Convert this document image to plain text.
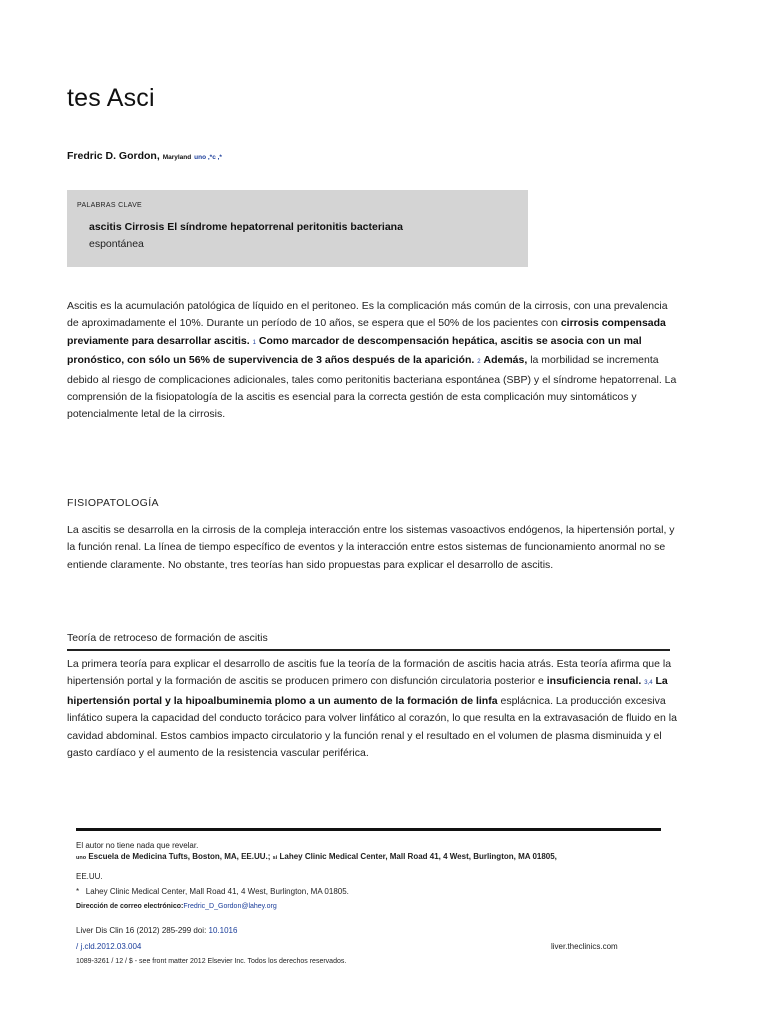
tes Asci
Fredric D. Gordon, Maryland uno ,*c ,*
PALABRAS CLAVE
ascitis Cirrosis El síndrome hepatorrenal peritonitis bacteriana
espontánea
Ascitis es la acumulación patológica de líquido en el peritoneo. Es la complicación más común de la cirrosis, con una prevalencia de aproximadamente el 10%. Durante un período de 10 años, se espera que el 50% de los pacientes con cirrosis compensada previamente para desarrollar ascitis. 1 Como marcador de descompensación hepática, ascitis se asocia con un mal pronóstico, con sólo un 56% de supervivencia de 3 años después de la aparición. 2 Además, la morbilidad se incrementa debido al riesgo de complicaciones adicionales, tales como peritonitis bacteriana espontánea (SBP) y el síndrome hepatorrenal. La comprensión de la fisiopatología de la ascitis es esencial para la correcta gestión de esta complicación muy sintomáticos y potencialmente letal de la cirrosis.
FISIOPATOLOGÍA
La ascitis se desarrolla en la cirrosis de la compleja interacción entre los sistemas vasoactivos endógenos, la hipertensión portal, y la función renal. La línea de tiempo específico de eventos y la interacción entre estos sistemas de funcionamiento anormal no se entiende claramente. No obstante, tres teorías han sido propuestas para explicar el desarrollo de ascitis.
Teoría de retroceso de formación de ascitis
La primera teoría para explicar el desarrollo de ascitis fue la teoría de la formación de ascitis hacia atrás. Esta teoría afirma que la hipertensión portal y la formación de ascitis se producen primero con disfunción circulatoria posterior e insuficiencia renal. 3,4 La hipertensión portal y la hipoalbuminemia plomo a un aumento de la formación de linfa esplácnica. La producción excesiva linfático supera la capacidad del conducto torácico para volver linfático al corazón, lo que resulta en la extravasación de fluido en la cavidad abdominal. Estos cambios impacto circulatorio y la función renal y el resultado en el volumen de plasma disminuida y el gasto cardíaco y el aumento de la resistencia vascular periférica.
El autor no tiene nada que revelar.
uno Escuela de Medicina Tufts, Boston, MA, EE.UU.; si Lahey Clinic Medical Center, Mall Road 41, 4 West, Burlington, MA 01805,
EE.UU.
* Lahey Clinic Medical Center, Mall Road 41, 4 West, Burlington, MA 01805.
Dirección de correo electrónico:Fredric_D_Gordon@lahey.org
Liver Dis Clin 16 (2012) 285-299 doi: 10.1016
/ j.cld.2012.03.004	liver.theclinics.com
1089-3261 / 12 / $ - see front matter 2012 Elsevier Inc. Todos los derechos reservados.
